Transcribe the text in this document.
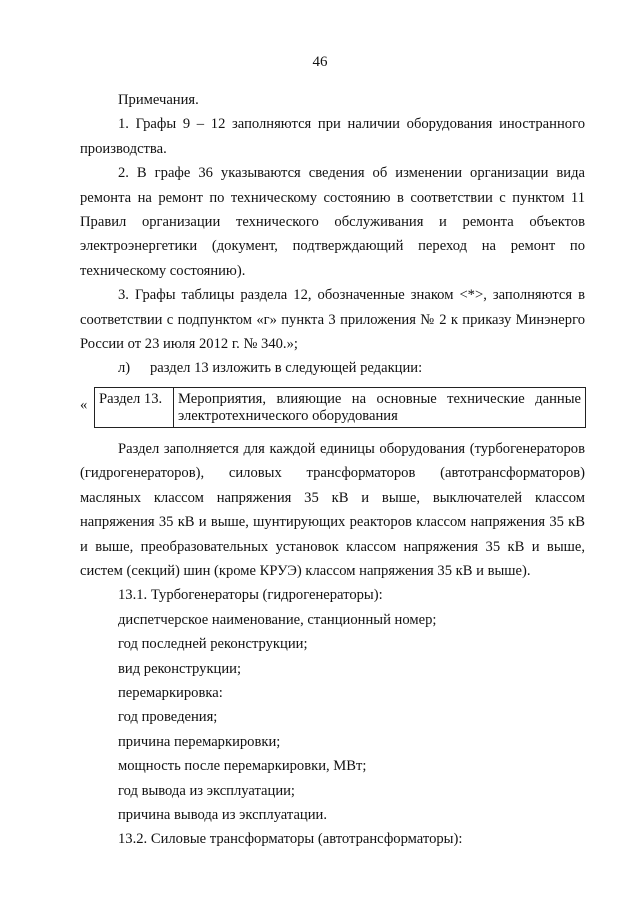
46

Примечания.

1. Графы 9 – 12 заполняются при наличии оборудования иностранного производства.

2. В графе 36 указываются сведения об изменении организации вида ремонта на ремонт по техническому состоянию в соответствии с пунктом 11 Правил организации технического обслуживания и ремонта объектов электроэнергетики (документ, подтверждающий переход на ремонт по техническому состоянию).

3. Графы таблицы раздела 12, обозначенные знаком <*>, заполняются в соответствии с подпунктом «г» пункта 3 приложения № 2 к приказу Минэнерго России от 23 июля 2012 г. № 340.»;

л) раздел 13 изложить в следующей редакции:

« Раздел 13.	Мероприятия, влияющие на основные технические данные электротехнического оборудования

Раздел заполняется для каждой единицы оборудования (турбогенераторов (гидрогенераторов), силовых трансформаторов (автотрансформаторов) масляных классом напряжения 35 кВ и выше, выключателей классом напряжения 35 кВ и выше, шунтирующих реакторов классом напряжения 35 кВ и выше, преобразовательных установок классом напряжения 35 кВ и выше, систем (секций) шин (кроме КРУЭ) классом напряжения 35 кВ и выше).

13.1. Турбогенераторы (гидрогенераторы):

диспетчерское наименование, станционный номер;

год последней реконструкции;

вид реконструкции;

перемаркировка:

год проведения;

причина перемаркировки;

мощность после перемаркировки, МВт;

год вывода из эксплуатации;

причина вывода из эксплуатации.

13.2. Силовые трансформаторы (автотрансформаторы):
